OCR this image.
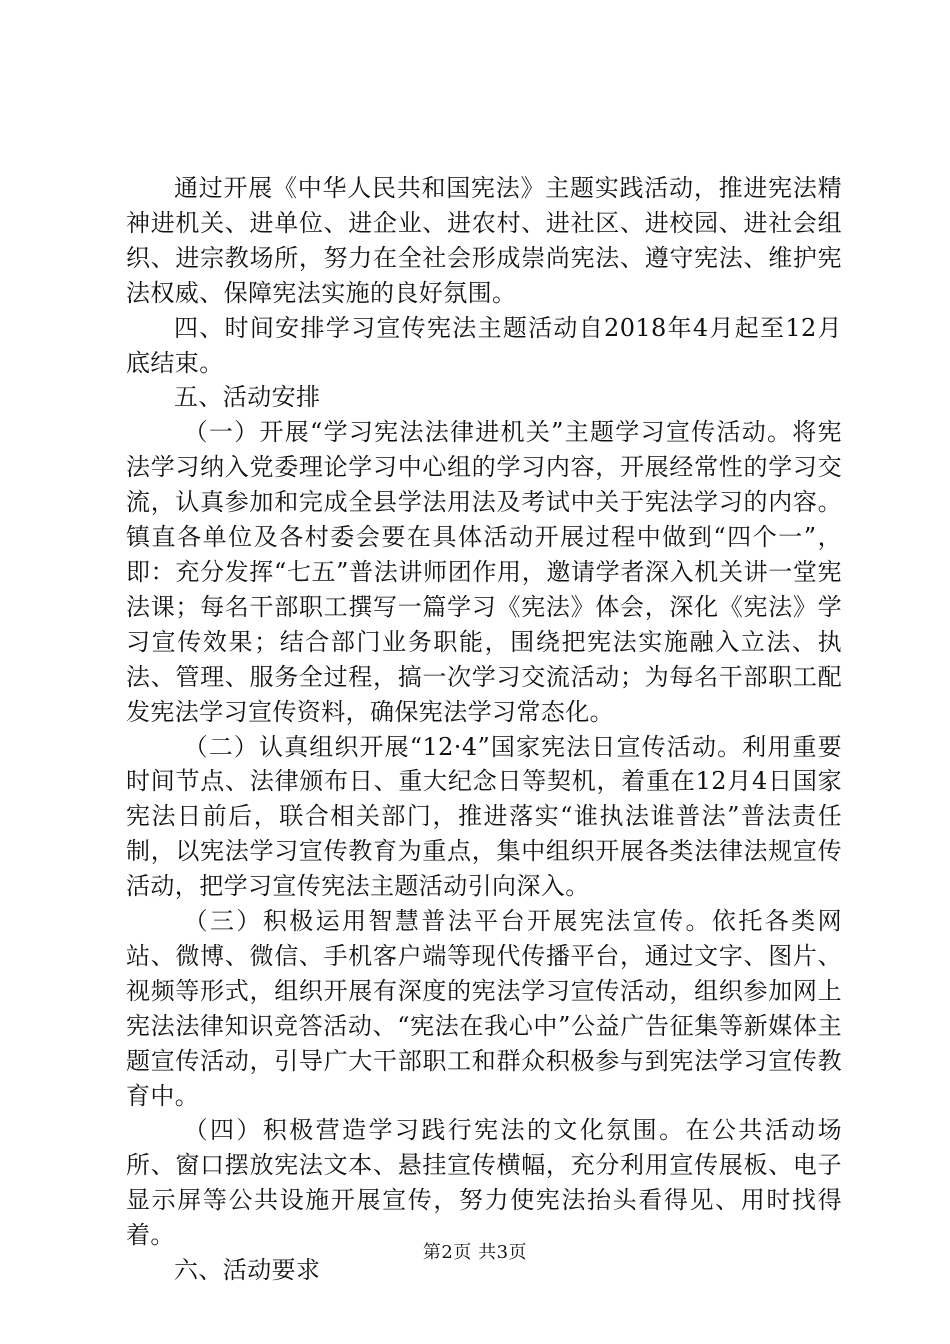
通过开展《中华人民共和国宪法》主题实践活动，推进宪法精神进机关、进单位、进企业、进农村、进社区、进校园、进社会组织、进宗教场所，努力在全社会形成崇尚宪法、遵守宪法、维护宪法权威、保障宪法实施的良好氛围。

四、时间安排学习宣传宪法主题活动自2018年4月起至12月底结束。

五、活动安排

（一）开展“学习宪法法律进机关”主题学习宣传活动。将宪法学习纳入党委理论学习中心组的学习内容，开展经常性的学习交流，认真参加和完成全县学法用法及考试中关于宪法学习的内容。镇直各单位及各村委会要在具体活动开展过程中做到“四个一”，即：充分发挥“七五”普法讲师团作用，邀请学者深入机关讲一堂宪法课；每名干部职工撰写一篇学习《宪法》体会，深化《宪法》学习宣传效果；结合部门业务职能，围绕把宪法实施融入立法、执法、管理、服务全过程，搞一次学习交流活动；为每名干部职工配发宪法学习宣传资料，确保宪法学习常态化。

（二）认真组织开展“12·4”国家宪法日宣传活动。利用重要时间节点、法律颁布日、重大纪念日等契机，着重在12月4日国家宪法日前后，联合相关部门，推进落实“谁执法谁普法”普法责任制，以宪法学习宣传教育为重点，集中组织开展各类法律法规宣传活动，把学习宣传宪法主题活动引向深入。

（三）积极运用智慧普法平台开展宪法宣传。依托各类网站、微博、微信、手机客户端等现代传播平台，通过文字、图片、视频等形式，组织开展有深度的宪法学习宣传活动，组织参加网上宪法法律知识竞答活动、“宪法在我心中”公益广告征集等新媒体主题宣传活动，引导广大干部职工和群众积极参与到宪法学习宣传教育中。

（四）积极营造学习践行宪法的文化氛围。在公共活动场所、窗口摆放宪法文本、悬挂宣传横幅，充分利用宣传展板、电子显示屏等公共设施开展宣传，努力使宪法抬头看得见、用时找得着。

六、活动要求

第2页 共3页
